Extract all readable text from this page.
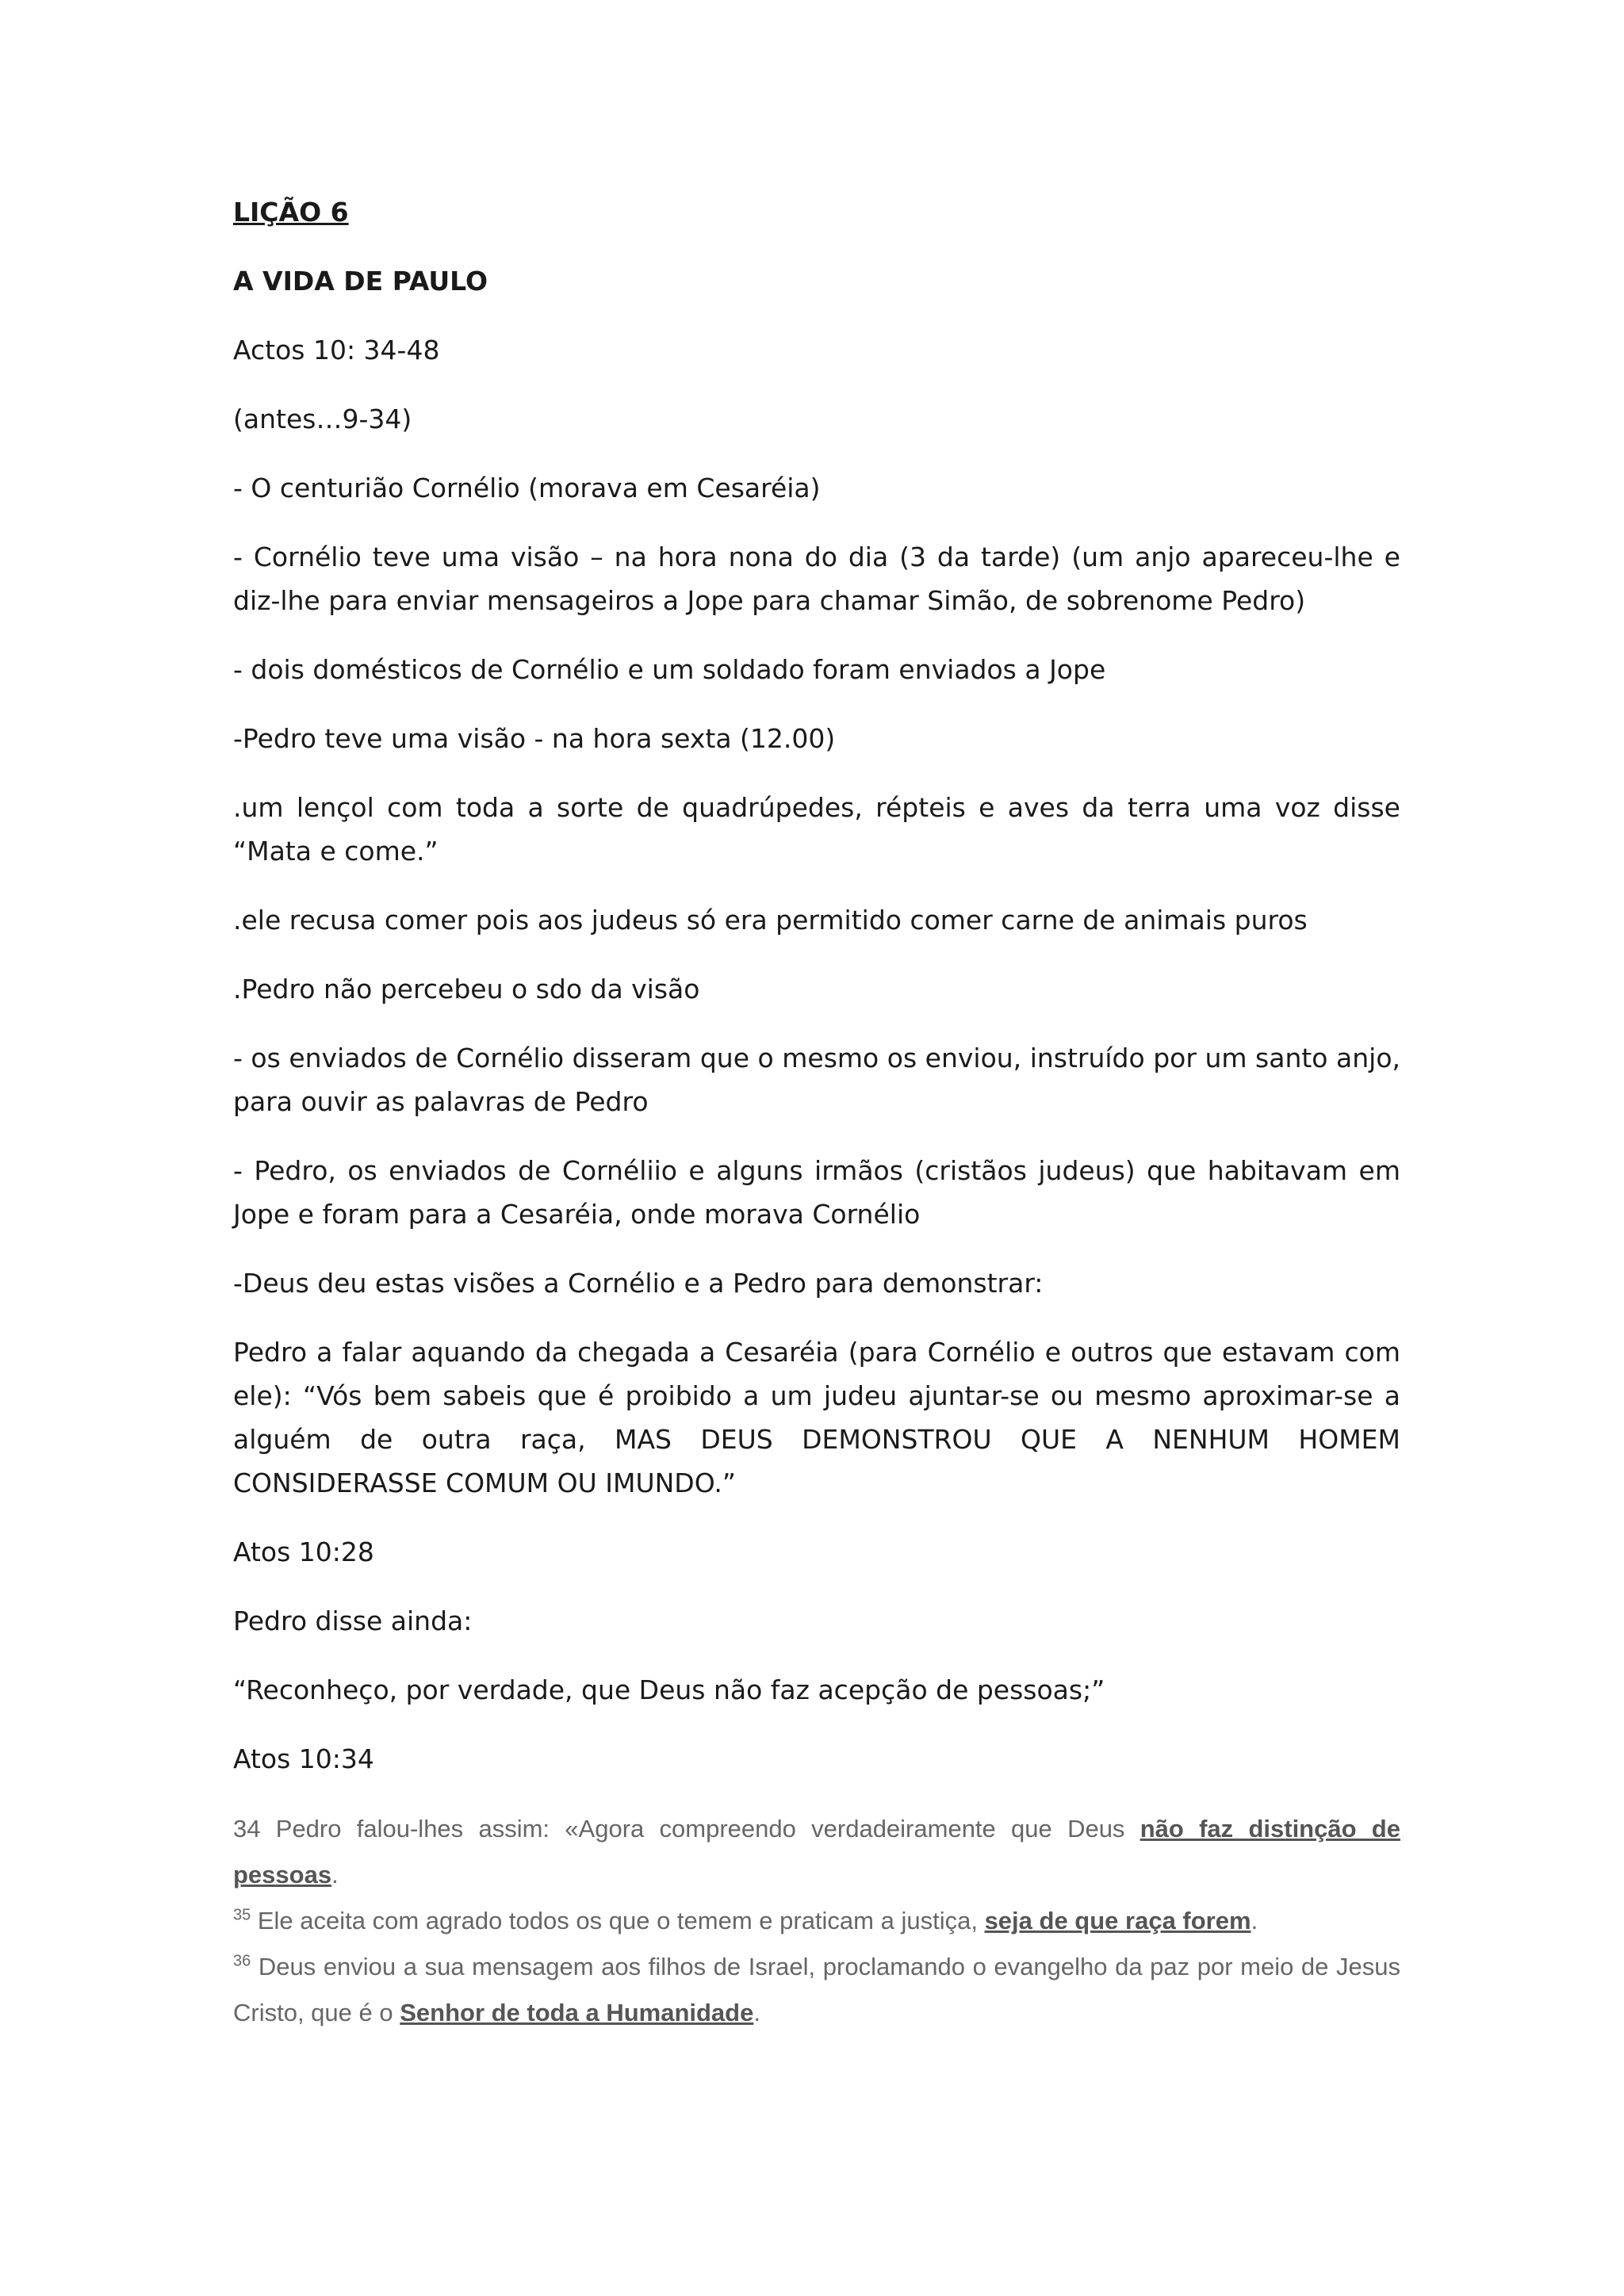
LIÇÃO 6

A VIDA DE PAULO

Actos 10: 34-48

(antes…9-34)

- O centurião Cornélio (morava em Cesaréia)

- Cornélio teve uma visão – na hora nona do dia (3 da tarde) (um anjo apareceu-lhe e diz-lhe para enviar mensageiros a Jope para chamar Simão, de sobrenome Pedro)

- dois domésticos de Cornélio e um soldado foram enviados a Jope

-Pedro teve uma visão - na hora sexta (12.00)

.um lençol com toda a sorte de quadrúpedes, répteis e aves da terra uma voz disse “Mata e come.”

.ele recusa comer pois aos judeus só era permitido comer carne de animais puros

.Pedro não percebeu o sdo da visão

- os enviados de Cornélio disseram que o mesmo os enviou, instruído por um santo anjo, para ouvir as palavras de Pedro

- Pedro, os enviados de Cornéliio e alguns irmãos (cristãos judeus) que habitavam em Jope e foram para a Cesaréia, onde morava Cornélio

-Deus deu estas visões a Cornélio e a Pedro para demonstrar:

Pedro a falar aquando da chegada a Cesaréia (para Cornélio e outros que estavam com ele): “Vós bem sabeis que é proibido a um judeu ajuntar-se ou mesmo aproximar-se a alguém de outra raça, MAS DEUS DEMONSTROU QUE A NENHUM HOMEM CONSIDERASSE COMUM OU IMUNDO.”

Atos 10:28

Pedro disse ainda:

“Reconheço, por verdade, que Deus não faz acepção de pessoas;”

Atos 10:34

34 Pedro falou-lhes assim: «Agora compreendo verdadeiramente que Deus não faz distinção de pessoas.
$^{35}$ Ele aceita com agrado todos os que o temem e praticam a justiça, seja de que raça forem.
$^{36}$ Deus enviou a sua mensagem aos filhos de Israel, proclamando o evangelho da paz por meio de Jesus Cristo, que é o Senhor de toda a Humanidade.
